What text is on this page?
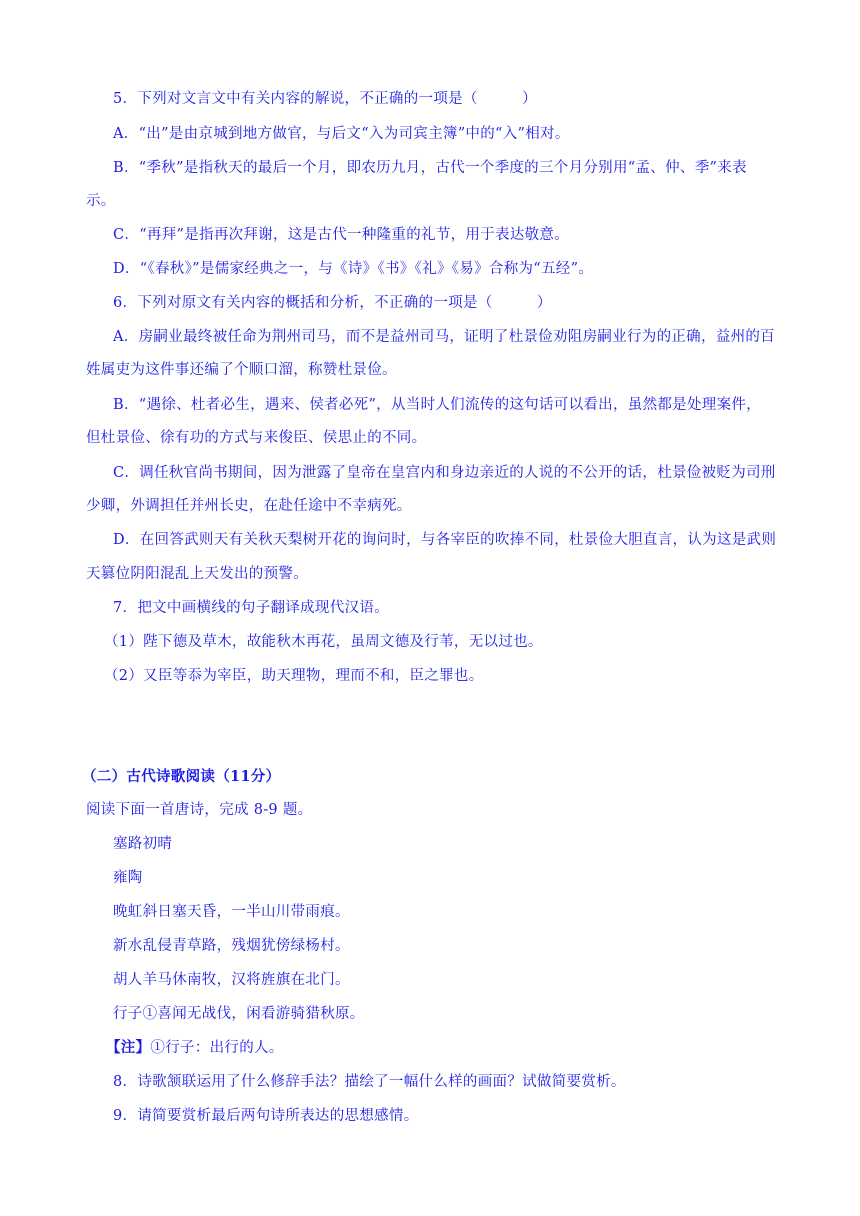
5．下列对文言文中有关内容的解说，不正确的一项是（　　　）
A．“出”是由京城到地方做官，与后文“入为司宾主簿”中的“入”相对。
B．“季秋”是指秋天的最后一个月，即农历九月，古代一个季度的三个月分别用“孟、仲、季”来表
示。
C．“再拜”是指再次拜谢，这是古代一种隆重的礼节，用于表达敬意。
D．“《春秋》”是儒家经典之一，与《诗》《书》《礼》《易》合称为“五经”。
6．下列对原文有关内容的概括和分析，不正确的一项是（　　　）
A．房嗣业最终被任命为荆州司马，而不是益州司马，证明了杜景俭劝阻房嗣业行为的正确，益州的百
姓属吏为这件事还编了个顺口溜，称赞杜景俭。
B．“遇徐、杜者必生，遇来、侯者必死”，从当时人们流传的这句话可以看出，虽然都是处理案件，
但杜景俭、徐有功的方式与来俊臣、侯思止的不同。
C．调任秋官尚书期间，因为泄露了皇帝在皇宫内和身边亲近的人说的不公开的话，杜景俭被贬为司刑
少卿，外调担任并州长史，在赴任途中不幸病死。
D．在回答武则天有关秋天梨树开花的询问时，与各宰臣的吹捧不同，杜景俭大胆直言，认为这是武则
天篡位阴阳混乱上天发出的预警。
7．把文中画横线的句子翻译成现代汉语。
（1）陛下德及草木，故能秋木再花，虽周文德及行苇，无以过也。
（2）又臣等忝为宰臣，助天理物，理而不和，臣之罪也。
（二）古代诗歌阅读（11分）
阅读下面一首唐诗，完成 8-9 题。
塞路初晴
雍陶
晚虹斜日塞天昏，一半山川带雨痕。
新水乱侵青草路，残烟犹傍绿杨村。
胡人羊马休南牧，汉将旌旗在北门。
行子①喜闻无战伐，闲看游骑猎秋原。
【注】①行子：出行的人。
8．诗歌颔联运用了什么修辞手法？描绘了一幅什么样的画面？试做简要赏析。
9．请简要赏析最后两句诗所表达的思想感情。
